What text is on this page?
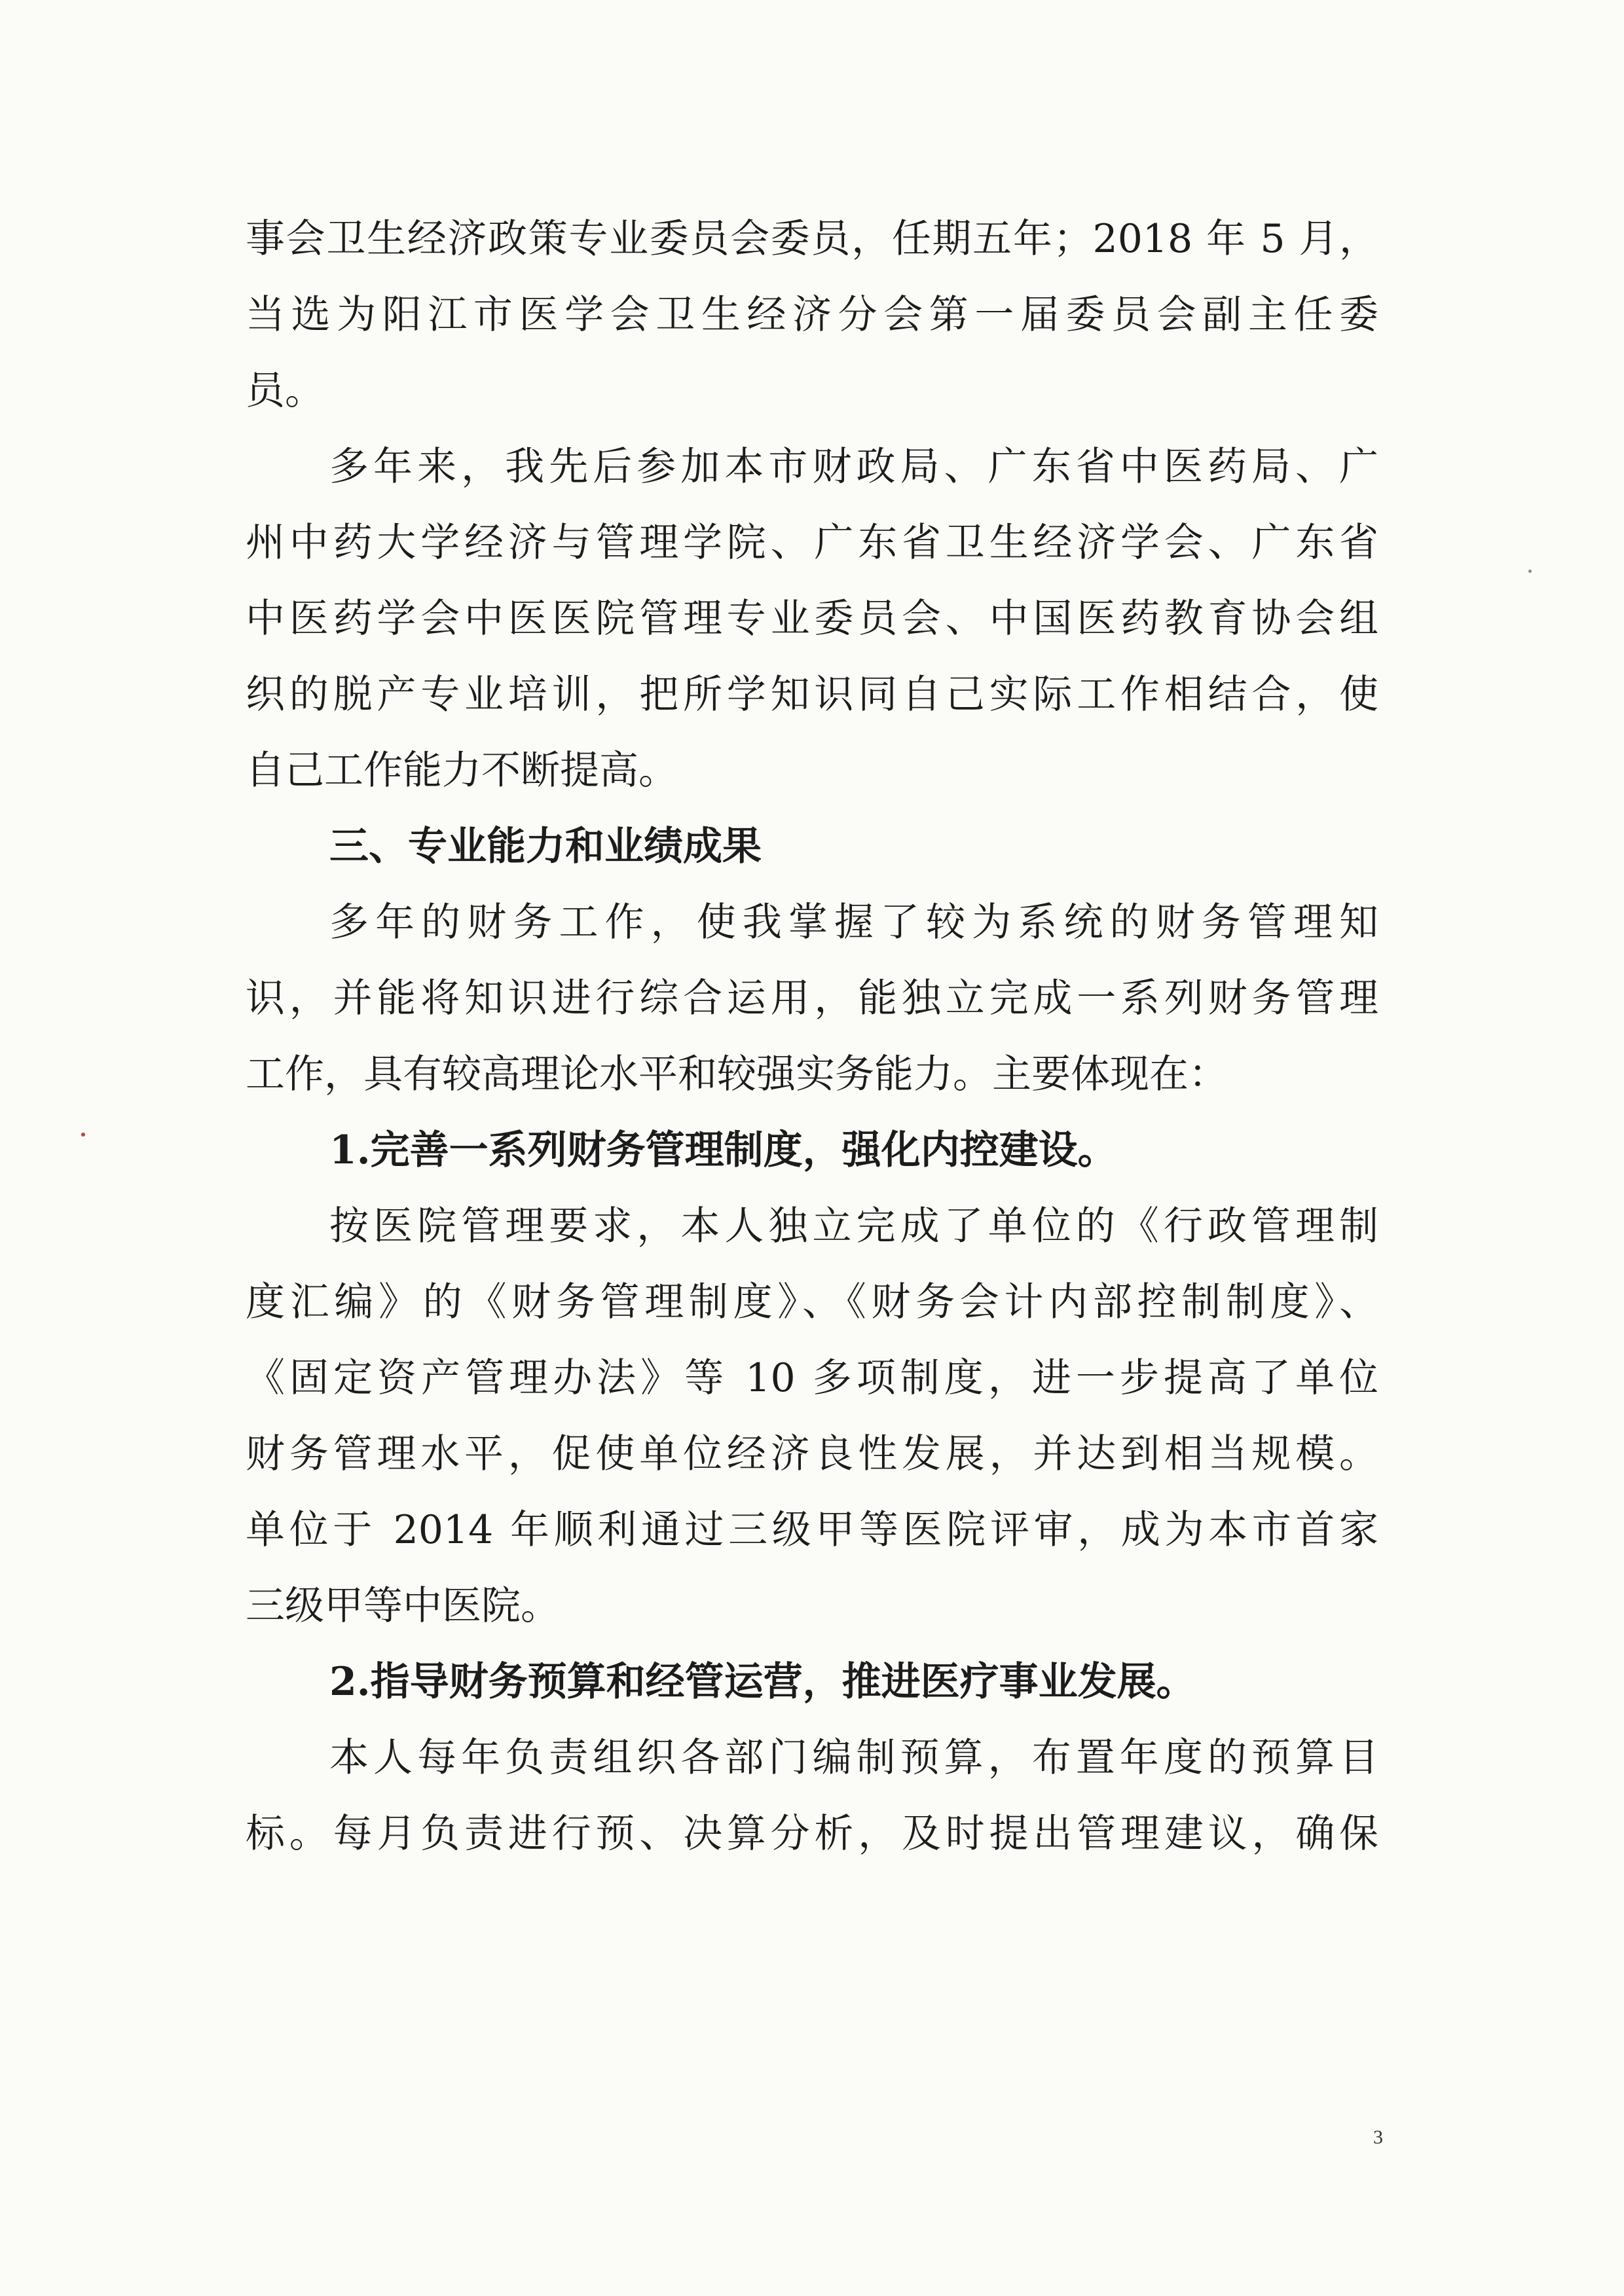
事会卫生经济政策专业委员会委员，任期五年；2018 年 5 月，
当选为阳江市医学会卫生经济分会第一届委员会副主任委
员。
多年来，我先后参加本市财政局、广东省中医药局、广
州中药大学经济与管理学院、广东省卫生经济学会、广东省
中医药学会中医医院管理专业委员会、中国医药教育协会组
织的脱产专业培训，把所学知识同自己实际工作相结合，使
自己工作能力不断提高。
三、专业能力和业绩成果
多年的财务工作，使我掌握了较为系统的财务管理知
识，并能将知识进行综合运用，能独立完成一系列财务管理
工作，具有较高理论水平和较强实务能力。主要体现在：
1.完善一系列财务管理制度，强化内控建设。
按医院管理要求，本人独立完成了单位的《行政管理制
度汇编》的《财务管理制度》、《财务会计内部控制制度》、
《固定资产管理办法》等 10 多项制度，进一步提高了单位
财务管理水平，促使单位经济良性发展，并达到相当规模。
单位于 2014 年顺利通过三级甲等医院评审，成为本市首家
三级甲等中医院。
2.指导财务预算和经管运营，推进医疗事业发展。
本人每年负责组织各部门编制预算，布置年度的预算目
标。每月负责进行预、决算分析，及时提出管理建议，确保
3
